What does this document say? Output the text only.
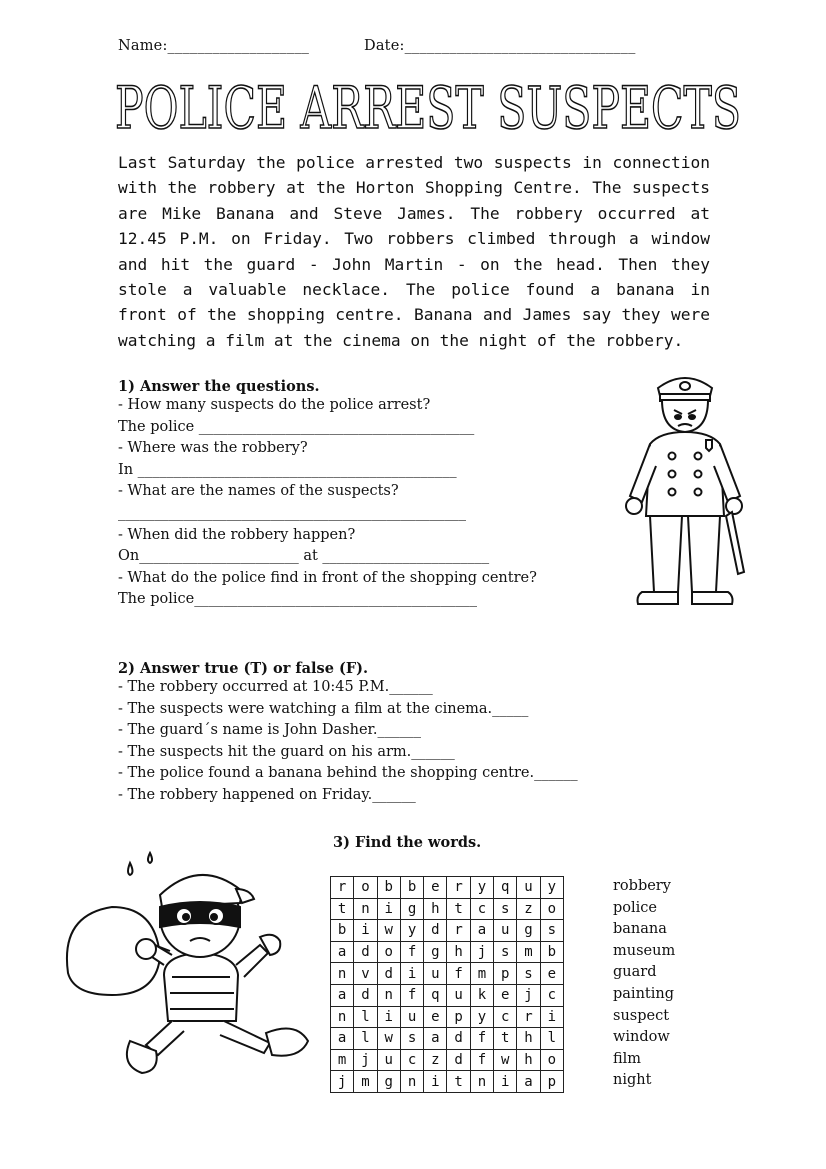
Name:___________________	Date:_______________________________
POLICE ARREST SUSPECTS

Last Saturday the police arrested two suspects in connection with the robbery at the Horton Shopping Centre. The suspects are Mike Banana and Steve James. The robbery occurred at 12.45 P.M. on Friday. Two robbers climbed through a window and hit the guard - John Martin - on the head. Then they stole a valuable necklace. The police found a banana in front of the shopping centre. Banana and James say they were watching a film at the cinema on the night of the robbery.

1) Answer the questions.
- How many suspects do the police arrest?
The police ______________________________________
- Where was the robbery?
In ____________________________________________
- What are the names of the suspects?
________________________________________________
- When did the robbery happen?
On______________________ at _______________________
- What do the police find in front of the shopping centre?
The police_______________________________________
2) Answer true (T) or false (F).
- The robbery occurred at 10:45 P.M.______
- The suspects were watching a film at the cinema._____
- The guard´s name is John Dasher.______
- The suspects hit the guard on his arm.______
- The police found a banana behind the shopping centre.______
- The robbery happened on Friday.______
3) Find the words.
r	o	b	b	e	r	y	q	u	y
t	n	i	g	h	t	c	s	z	o
b	i	w	y	d	r	a	u	g	s
a	d	o	f	g	h	j	s	m	b
n	v	d	i	u	f	m	p	s	e
a	d	n	f	q	u	k	e	j	c
n	l	i	u	e	p	y	c	r	i
a	l	w	s	a	d	f	t	h	l
m	j	u	c	z	d	f	w	h	o
j	m	g	n	i	t	n	i	a	p
robbery
police
banana
museum
guard
painting
suspect
window
film
night
